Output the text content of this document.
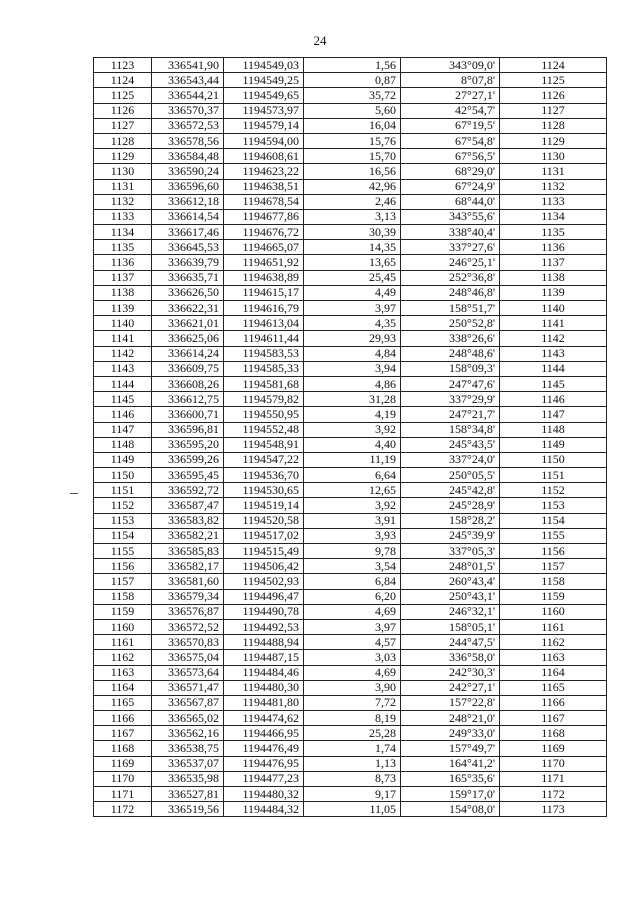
24
1123	336541,90	1194549,03	1,56	343°09,0'	1124
1124	336543,44	1194549,25	0,87	8°07,8'	1125
1125	336544,21	1194549,65	35,72	27°27,1'	1126
1126	336570,37	1194573,97	5,60	42°54,7'	1127
1127	336572,53	1194579,14	16,04	67°19,5'	1128
1128	336578,56	1194594,00	15,76	67°54,8'	1129
1129	336584,48	1194608,61	15,70	67°56,5'	1130
1130	336590,24	1194623,22	16,56	68°29,0'	1131
1131	336596,60	1194638,51	42,96	67°24,9'	1132
1132	336612,18	1194678,54	2,46	68°44,0'	1133
1133	336614,54	1194677,86	3,13	343°55,6'	1134
1134	336617,46	1194676,72	30,39	338°40,4'	1135
1135	336645,53	1194665,07	14,35	337°27,6'	1136
1136	336639,79	1194651,92	13,65	246°25,1'	1137
1137	336635,71	1194638,89	25,45	252°36,8'	1138
1138	336626,50	1194615,17	4,49	248°46,8'	1139
1139	336622,31	1194616,79	3,97	158°51,7'	1140
1140	336621,01	1194613,04	4,35	250°52,8'	1141
1141	336625,06	1194611,44	29,93	338°26,6'	1142
1142	336614,24	1194583,53	4,84	248°48,6'	1143
1143	336609,75	1194585,33	3,94	158°09,3'	1144
1144	336608,26	1194581,68	4,86	247°47,6'	1145
1145	336612,75	1194579,82	31,28	337°29,9'	1146
1146	336600,71	1194550,95	4,19	247°21,7'	1147
1147	336596,81	1194552,48	3,92	158°34,8'	1148
1148	336595,20	1194548,91	4,40	245°43,5'	1149
1149	336599,26	1194547,22	11,19	337°24,0'	1150
1150	336595,45	1194536,70	6,64	250°05,5'	1151
1151	336592,72	1194530,65	12,65	245°42,8'	1152
1152	336587,47	1194519,14	3,92	245°28,9'	1153
1153	336583,82	1194520,58	3,91	158°28,2'	1154
1154	336582,21	1194517,02	3,93	245°39,9'	1155
1155	336585,83	1194515,49	9,78	337°05,3'	1156
1156	336582,17	1194506,42	3,54	248°01,5'	1157
1157	336581,60	1194502,93	6,84	260°43,4'	1158
1158	336579,34	1194496,47	6,20	250°43,1'	1159
1159	336576,87	1194490,78	4,69	246°32,1'	1160
1160	336572,52	1194492,53	3,97	158°05,1'	1161
1161	336570,83	1194488,94	4,57	244°47,5'	1162
1162	336575,04	1194487,15	3,03	336°58,0'	1163
1163	336573,64	1194484,46	4,69	242°30,3'	1164
1164	336571,47	1194480,30	3,90	242°27,1'	1165
1165	336567,87	1194481,80	7,72	157°22,8'	1166
1166	336565,02	1194474,62	8,19	248°21,0'	1167
1167	336562,16	1194466,95	25,28	249°33,0'	1168
1168	336538,75	1194476,49	1,74	157°49,7'	1169
1169	336537,07	1194476,95	1,13	164°41,2'	1170
1170	336535,98	1194477,23	8,73	165°35,6'	1171
1171	336527,81	1194480,32	9,17	159°17,0'	1172
1172	336519,56	1194484,32	11,05	154°08,0'	1173
